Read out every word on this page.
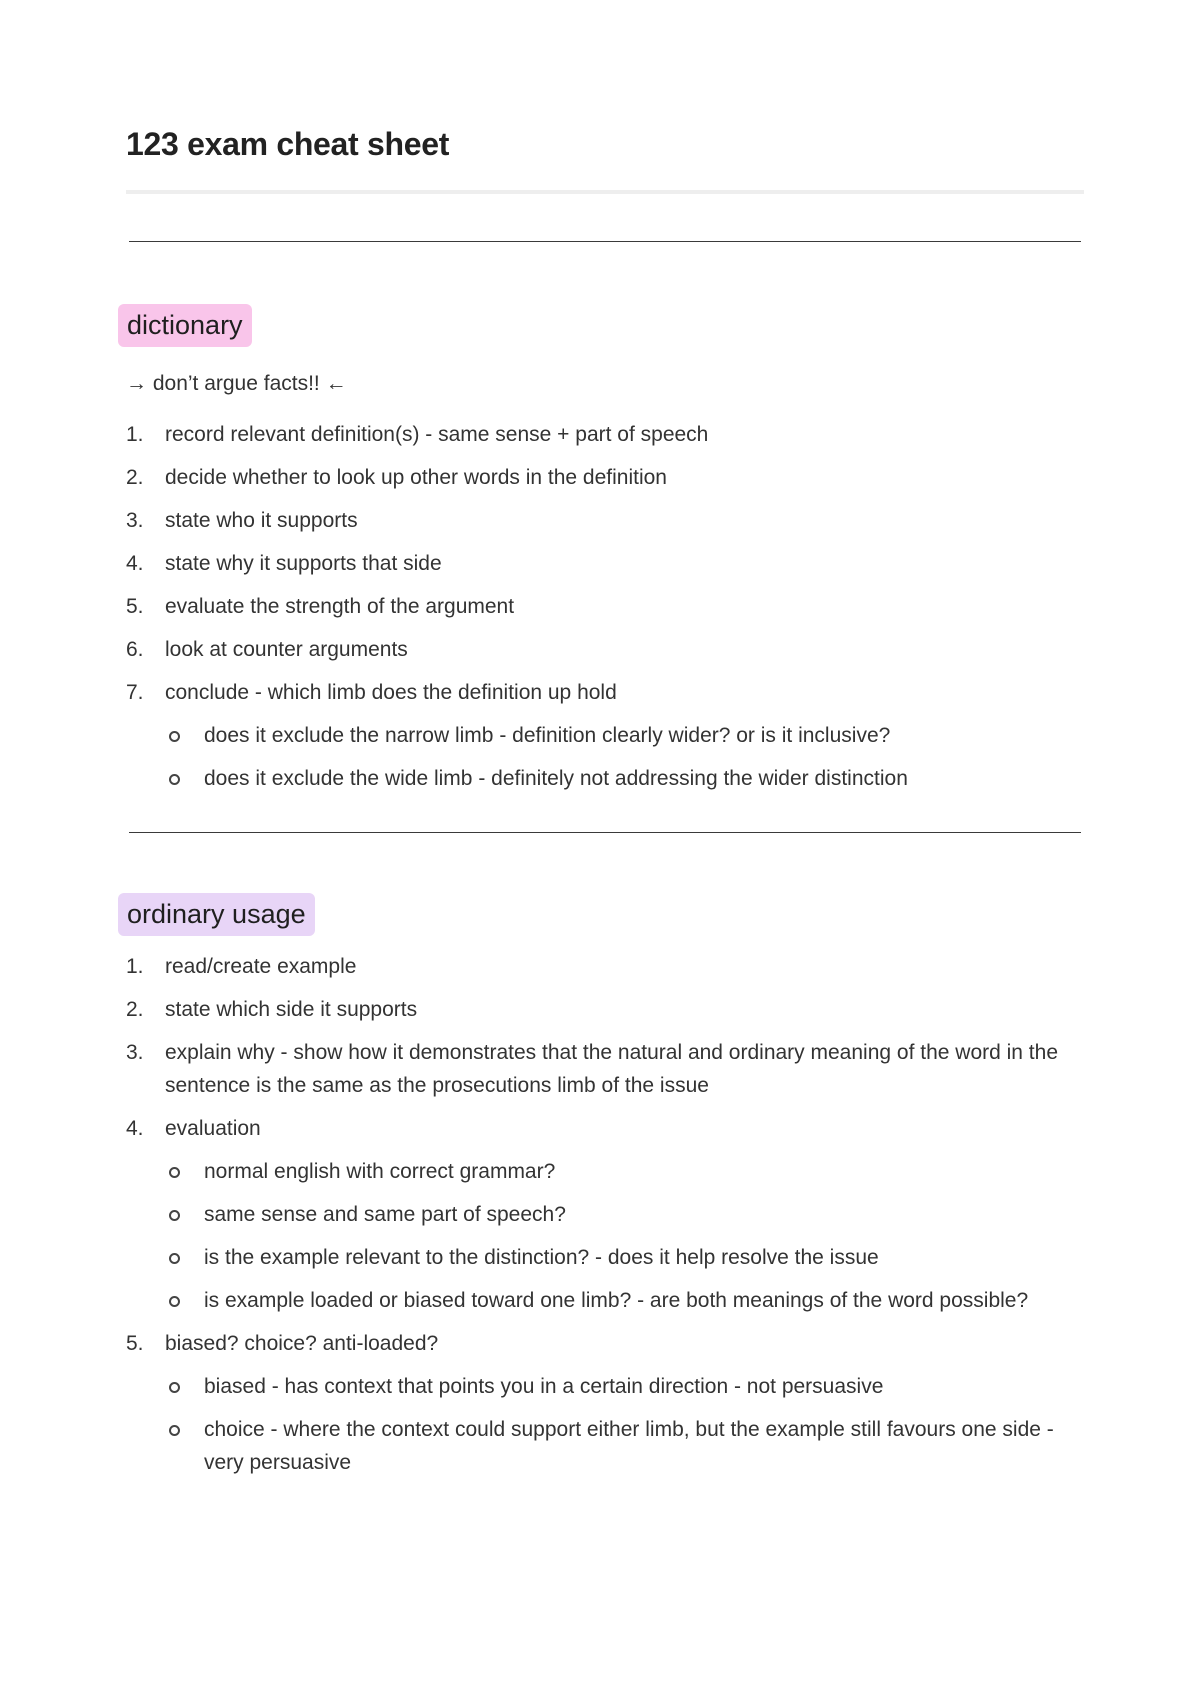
123 exam cheat sheet
dictionary
→ don’t argue facts!! ←
1.	record relevant definition(s) - same sense + part of speech
2.	decide whether to look up other words in the definition
3.	state who it supports
4.	state why it supports that side
5.	evaluate the strength of the argument
6.	look at counter arguments
7.	conclude - which limb does the definition up hold
does it exclude the narrow limb - definition clearly wider? or is it inclusive?
does it exclude the wide limb - definitely not addressing the wider distinction
ordinary usage
1.	read/create example
2.	state which side it supports
3.	explain why - show how it demonstrates that the natural and ordinary meaning of the word in the sentence is the same as the prosecutions limb of the issue
4.	evaluation
normal english with correct grammar?
same sense and same part of speech?
is the example relevant to the distinction? - does it help resolve the issue
is example loaded or biased toward one limb? - are both meanings of the word possible?
5.	biased? choice? anti-loaded?
biased - has context that points you in a certain direction - not persuasive
choice - where the context could support either limb, but the example still favours one side - very persuasive
